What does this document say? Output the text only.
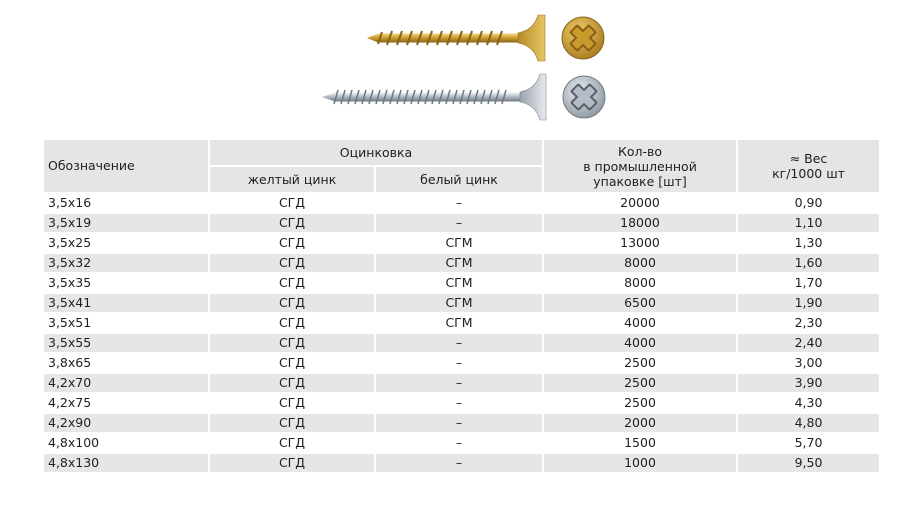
Обозначение	Оцинковка		Кол-во
в промышленной
упаковке [шт]	≈ Вес
кг/1000 шт

	желтый цинк	белый цинк		
3,5х16	СГД	–	20000	0,90
3,5х19	СГД	–	18000	1,10
3,5х25	СГД	СГМ	13000	1,30
3,5х32	СГД	СГМ	8000	1,60
3,5х35	СГД	СГМ	8000	1,70
3,5х41	СГД	СГМ	6500	1,90
3,5х51	СГД	СГМ	4000	2,30
3,5х55	СГД	–	4000	2,40
3,8х65	СГД	–	2500	3,00
4,2х70	СГД	–	2500	3,90
4,2х75	СГД	–	2500	4,30
4,2х90	СГД	–	2000	4,80
4,8х100	СГД	–	1500	5,70
4,8х130	СГД	–	1000	9,50
